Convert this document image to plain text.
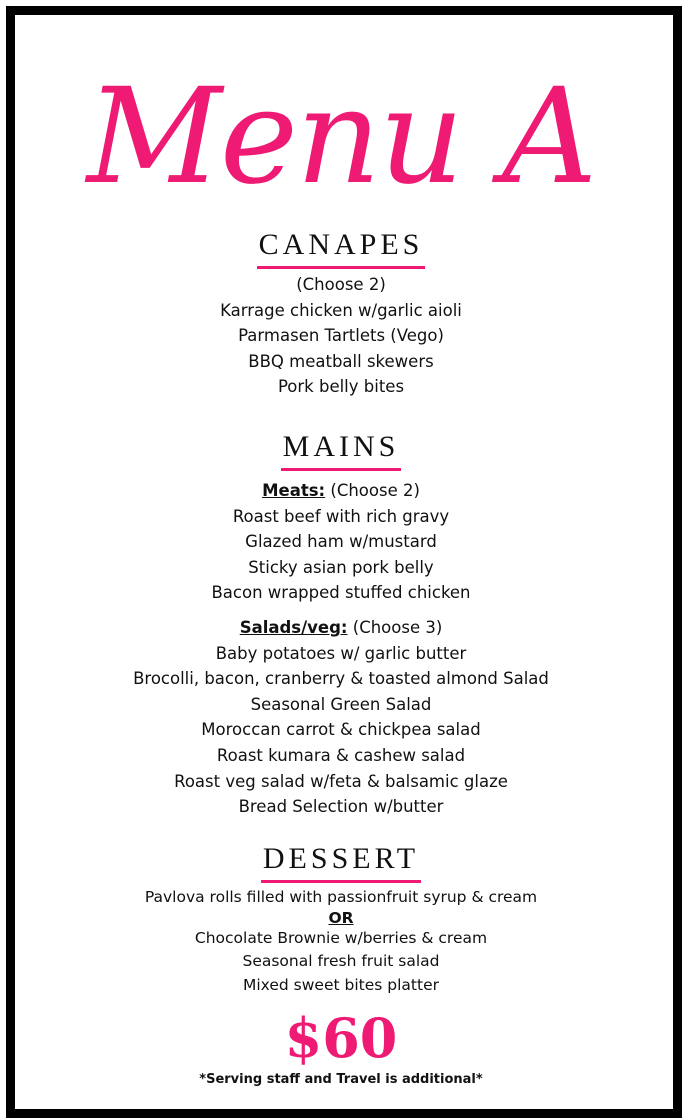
Menu A
CANAPES
(Choose 2)
Karrage chicken w/garlic aioli
Parmasen Tartlets (Vego)
BBQ meatball skewers
Pork belly bites
MAINS
Meats: (Choose 2)
Roast beef with rich gravy
Glazed ham w/mustard
Sticky asian pork belly
Bacon wrapped stuffed chicken
Salads/veg: (Choose 3)
Baby potatoes w/ garlic butter
Brocolli, bacon, cranberry & toasted almond Salad
Seasonal Green Salad
Moroccan carrot & chickpea salad
Roast kumara & cashew salad
Roast veg salad w/feta & balsamic glaze
Bread Selection w/butter
DESSERT
Pavlova rolls filled with passionfruit syrup & cream
OR
Chocolate Brownie w/berries & cream
Seasonal fresh fruit salad
Mixed sweet bites platter
$60
*Serving staff and Travel is additional*
